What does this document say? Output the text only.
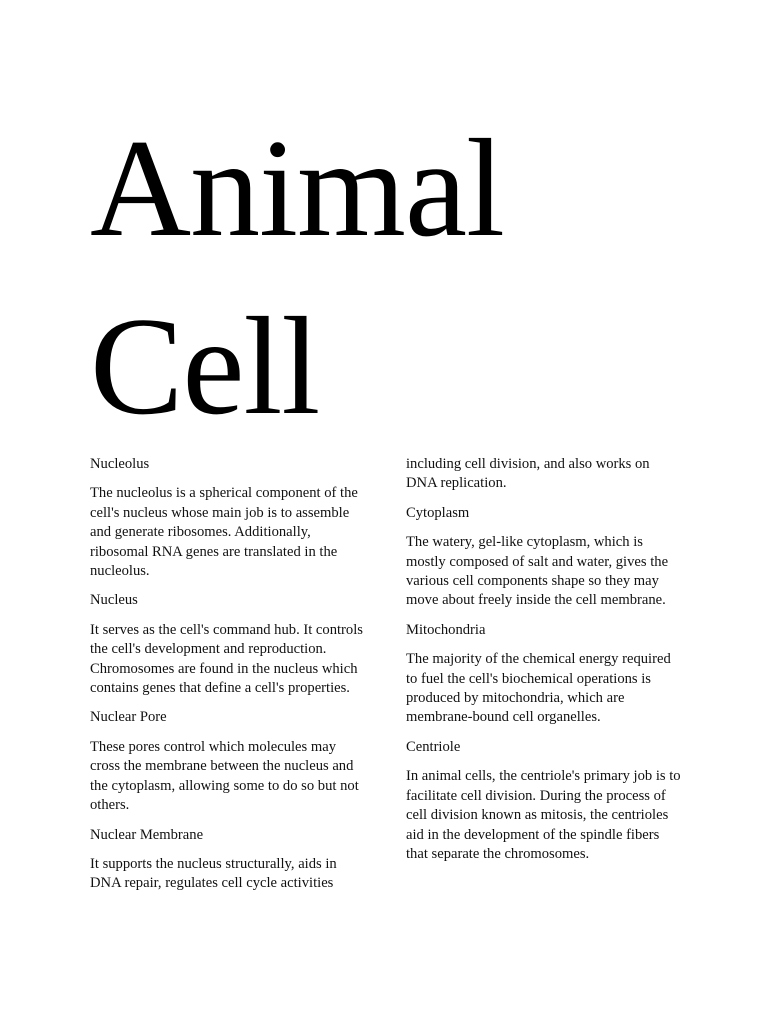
Animal
Cell

Nucleolus

The nucleolus is a spherical component of the cell's nucleus whose main job is to assemble and generate ribosomes. Additionally, ribosomal RNA genes are translated in the nucleolus.

Nucleus

It serves as the cell's command hub. It controls the cell's development and reproduction. Chromosomes are found in the nucleus which contains genes that define a cell's properties.

Nuclear Pore

These pores control which molecules may cross the membrane between the nucleus and the cytoplasm, allowing some to do so but not others.

Nuclear Membrane

It supports the nucleus structurally, aids in DNA repair, regulates cell cycle activities

including cell division, and also works on DNA replication.

Cytoplasm

The watery, gel-like cytoplasm, which is mostly composed of salt and water, gives the various cell components shape so they may move about freely inside the cell membrane.

Mitochondria

The majority of the chemical energy required to fuel the cell's biochemical operations is produced by mitochondria, which are membrane-bound cell organelles.

Centriole

In animal cells, the centriole's primary job is to facilitate cell division. During the process of cell division known as mitosis, the centrioles aid in the development of the spindle fibers that separate the chromosomes.
